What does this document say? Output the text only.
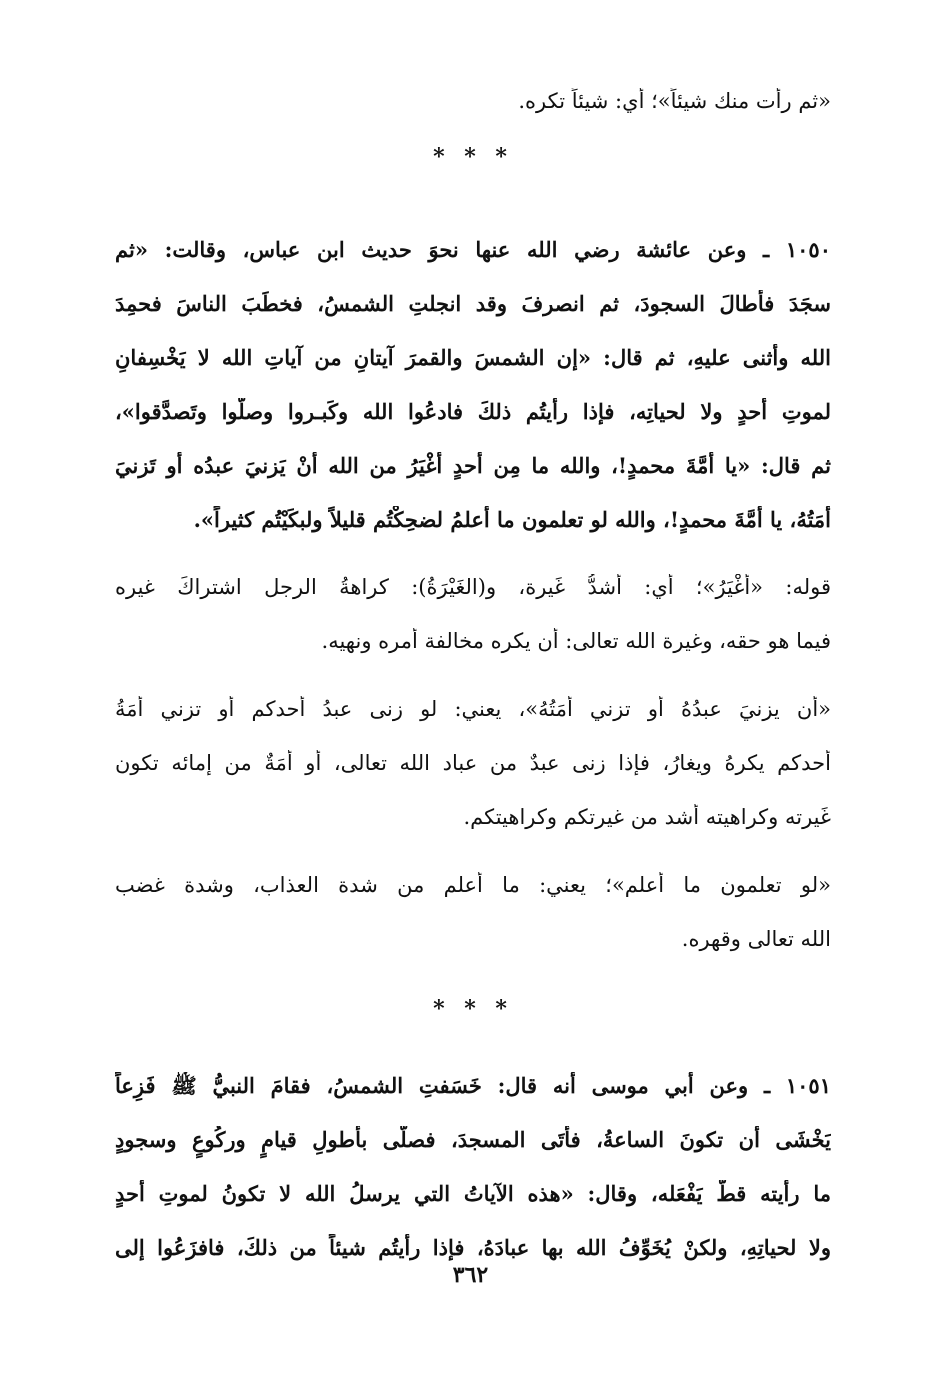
«ثم رأت منك شيئاً»؛ أي: شيئاً تكره.
* * *
١٠٥٠ ـ وعن عائشة رضي الله عنها نحوَ حديث ابن عباس، وقالت: «ثم
سجَدَ فأطالَ السجودَ، ثم انصرفَ وقد انجلتِ الشمسُ، فخطَبَ الناسَ فحمِدَ
الله وأثنى عليهِ، ثم قال: «إن الشمسَ والقمرَ آيتانِ من آياتِ الله لا يَخْسِفانِ
لموتِ أحدٍ ولا لحياتِه، فإذا رأيتُم ذلكَ فادعُوا الله وكَبـروا وصلُّوا وتَصدَّقوا»،
ثم قال: «يا أُمَّةَ محمدٍ!، والله ما مِن أحدٍ أَغْيَرُ من الله أنْ يَزنيَ عبدُه أو تَزنيَ
أَمَتُهُ، يا أُمَّةَ محمدٍ!، والله لو تعلمون ما أعلمُ لضحِكْتُم قليلاً ولبكَيْتُم كثيراً».
قوله: «أَغْيَرُ»؛ أي: أشدُّ غَيرة، و(الغَيْرَةُ): كراهةُ الرجل اشتراكَ غيره
فيما هو حقه، وغيرة الله تعالى: أن يكره مخالفة أمره ونهيه.
«أن يزنيَ عبدُهُ أو تزني أمَتُهُ»، يعني: لو زنى عبدُ أحدكم أو تزني أَمَةُ
أحدكم يكرهُ ويغارُ، فإذا زنى عبدٌ من عباد الله تعالى، أو أَمَةٌ من إمائه تكون
غَيرته وكراهيته أشد من غيرتكم وكراهيتكم.
«لو تعلمون ما أعلم»؛ يعني: ما أعلم من شدة العذاب، وشدة غضب
الله تعالى وقهره.
* * *
١٠٥١ ـ وعن أبي موسى أنه قال: خَسَفتِ الشمسُ، فقامَ النبيُّ ﷺ فَزِعاً
يَخْشَى أن تكونَ الساعةُ، فأتَى المسجدَ، فصلَّى بأطولِ قيامٍ وركُوعٍ وسجودٍ
ما رأيته قطُّ يَفْعَله، وقال: «هذه الآياتُ التي يرسلُ الله لا تكونُ لموتِ أحدٍ
ولا لحياتِهِ، ولكنْ يُخَوِّفُ الله بها عبادَهُ، فإذا رأيتُم شيئاً من ذلكَ، فافزَعُوا إلى
٣٦٢
